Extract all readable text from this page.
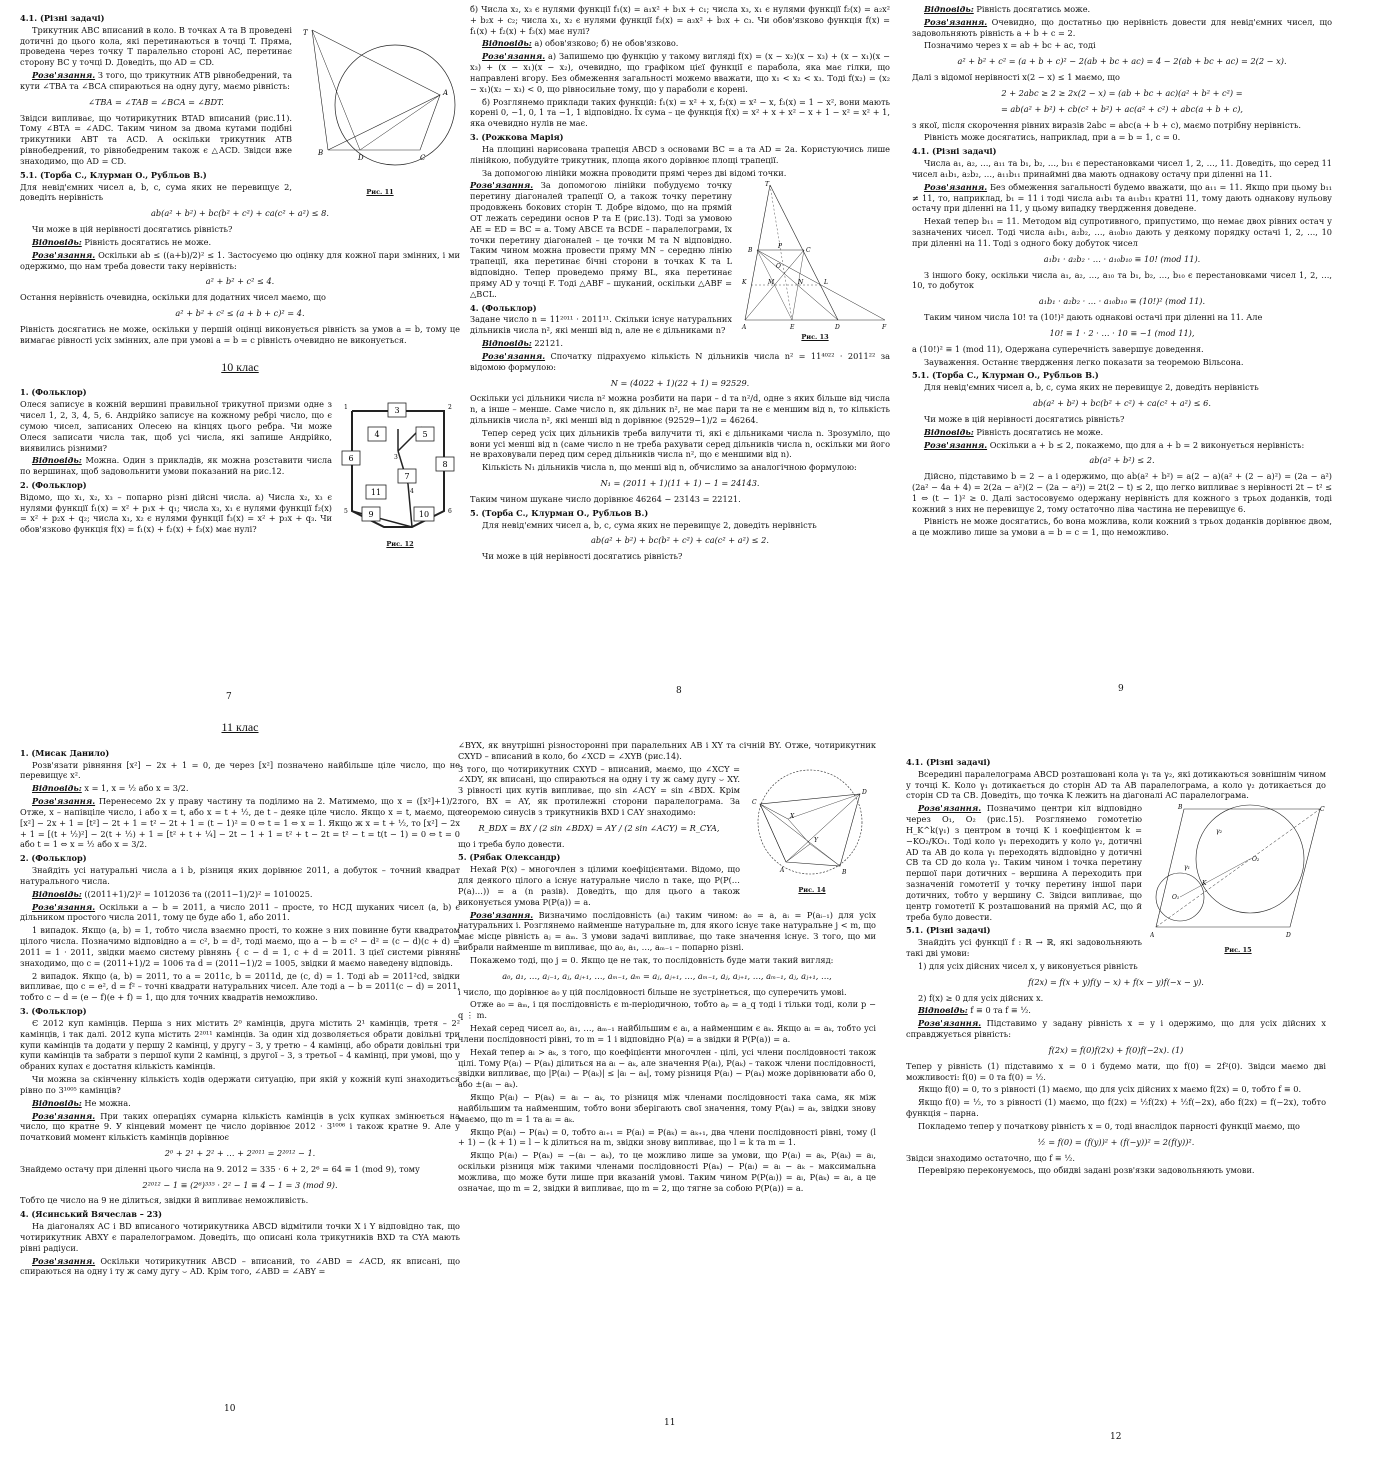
4.1. (Різні задачі)
T
A
B
D	C
Рис. 11

Трикутник ABC вписаний в коло. В точках A та B проведені дотичні до цього кола, які перетинаються в точці T. Пряма, проведена через точку T паралельно стороні AC, перетинає сторону BC у точці D. Доведіть, що AD = CD.

Розв'язання. З того, що трикутник ATB рівнобедрений, та кути ∠TBA та ∠BCA спираються на одну дугу, маємо рівність:

∠TBA = ∠TAB = ∠BCA = ∠BDT.

Звідси випливає, що чотирикутник BTAD вписаний (рис.11). Тому ∠BTA = ∠ADC. Таким чином за двома кутами подібні трикутники ABT та ACD. А оскільки трикутник ATB рівнобедрений, то рівнобедреним також є △ACD. Звідси вже знаходимо, що AD = CD.

5.1. (Торба С., Клурман О., Рубльов В.)

Для невід'ємних чисел a, b, c, сума яких не перевищує 2, доведіть нерівність

ab(a² + b²) + bc(b² + c²) + ca(c² + a²) ≤ 8.

Чи може в цій нерівності досягатись рівність?

Відповідь: Рівність досягатись не може.

Розв'язання. Оскільки ab ≤ ((a+b)/2)² ≤ 1. Застосуємо цю оцінку для кожної пари змінних, і ми одержимо, що нам треба довести таку нерівність:

a² + b² + c² ≤ 4.

Остання нерівність очевидна, оскільки для додатних чисел маємо, що

a² + b² + c² ≤ (a + b + c)² = 4.

Рівність досягатись не може, оскільки у першій оцінці виконується рівність за умов a = b, тому це вимагає рівності усіх змінних, але при умові a = b = c рівність очевидно не виконується.

10 клас
1. (Фольклор)
3
4	5
6
7
8
11
9	10
1	2
3
4
5	6
Рис. 12

Олеся записує в кожній вершині правильної трикутної призми одне з чисел 1, 2, 3, 4, 5, 6. Андрійко записує на кожному ребрі число, що є сумою чисел, записаних Олесею на кінцях цього ребра. Чи може Олеся записати числа так, щоб усі числа, які запише Андрійко, виявились різними?

Відповідь: Можна. Один з прикладів, як можна розставити числа по вершинах, щоб задовольнити умови показаний на рис.12.

2. (Фольклор)

Відомо, що x₁, x₂, x₃ – попарно різні дійсні числа. а) Числа x₂, x₃ є нулями функції f₁(x) = x² + p₁x + q₁; числа x₃, x₁ є нулями функції f₂(x) = x² + p₂x + q₂; числа x₁, x₂ є нулями функції f₃(x) = x² + p₃x + q₃. Чи обов'язково функція f(x) = f₁(x) + f₂(x) + f₃(x) має нулі?

7

б) Числа x₂, x₃ є нулями функції f₁(x) = a₁x² + b₁x + c₁; числа x₃, x₁ є нулями функції f₂(x) = a₂x² + b₂x + c₂; числа x₁, x₂ є нулями функції f₃(x) = a₃x² + b₃x + c₃. Чи обов'язково функція f(x) = f₁(x) + f₂(x) + f₃(x) має нулі?

Відповідь: а) обов'язково; б) не обов'язково.

Розв'язання. а) Запишемо цю функцію у такому вигляді f(x) = (x − x₂)(x − x₃) + (x − x₁)(x − x₃) + (x − x₁)(x − x₂), очевидно, що графіком цієї функції є парабола, яка має гілки, що направлені вгору. Без обмеження загальності можемо вважати, що x₁ < x₂ < x₃. Тоді f(x₂) = (x₂ − x₁)(x₂ − x₃) < 0, що рівносильне тому, що у параболи є корені.

б) Розглянемо приклади таких функцій: f₁(x) = x² + x, f₂(x) = x² − x, f₃(x) = 1 − x², вони мають корені 0, −1, 0, 1 та −1, 1 відповідно. Їх сума – це функція f(x) = x² + x + x² − x + 1 − x² = x² + 1, яка очевидно нулів не має.

3. (Рожкова Марія)

На площині нарисована трапеція ABCD з основами BC = a та AD = 2a. Користуючись лише лінійкою, побудуйте трикутник, площа якого дорівнює площі трапеції.

За допомогою лінійки можна проводити прямі через дві відомі точки.

T
B
P
C
O
K	M	N	L
A	E	D	F
Рис. 13

Розв'язання. За допомогою лінійки побудуємо точку перетину діагоналей трапеції O, а також точку перетину продовжень бокових сторін T. Добре відомо, що на прямій OT лежать середини основ P та E (рис.13). Тоді за умовою AE = ED = BC = a. Тому ABCE та BCDE – паралелограми, їх точки перетину діагоналей – це точки M та N відповідно. Таким чином можна провести пряму MN – середню лінію трапеції, яка перетинає бічні сторони в точках K та L відповідно. Тепер проведемо пряму BL, яка перетинає пряму AD у точці F. Тоді △ABF – шуканий, оскільки △ABF = △BCL.

4. (Фольклор)

Задане число n = 11²⁰¹¹ · 2011¹¹. Скільки існує натуральних дільників числа n², які менші від n, але не є дільниками n?

Відповідь: 22121.

Розв'язання. Спочатку підрахуємо кількість N дільників числа n² = 11⁴⁰²² · 2011²² за відомою формулою:

N = (4022 + 1)(22 + 1) = 92529.

Оскільки усі дільники числа n² можна розбити на пари – d та n²/d, одне з яких більше від числа n, а інше – менше. Саме число n, як дільник n², не має пари та не є меншим від n, то кількість дільників числа n², які менші від n дорівнює (92529−1)/2 = 46264.

Тепер серед усіх цих дільників треба вилучити ті, які є дільниками числа n. Зрозуміло, що вони усі менші від n (саме число n не треба рахувати серед дільників числа n, оскільки ми його не враховували перед цим серед дільників числа n², що є меншими від n).

Кількість N₁ дільників числа n, що менші від n, обчислимо за аналогічною формулою:

N₁ = (2011 + 1)(11 + 1) − 1 = 24143.

Таким чином шукане число дорівнює 46264 − 23143 = 22121.

5. (Торба С., Клурман О., Рубльов В.)

Для невід'ємних чисел a, b, c, сума яких не перевищує 2, доведіть нерівність

ab(a² + b²) + bc(b² + c²) + ca(c² + a²) ≤ 2.

Чи може в цій нерівності досягатись рівність?

8

Відповідь: Рівність досягатись може.

Розв'язання. Очевидно, що достатньо цю нерівність довести для невід'ємних чисел, що задовольняють рівність a + b + c = 2.

Позначимо через x = ab + bc + ac, тоді

a² + b² + c² = (a + b + c)² − 2(ab + bc + ac) = 4 − 2(ab + bc + ac) = 2(2 − x).

Далі з відомої нерівності x(2 − x) ≤ 1 маємо, що

2 + 2abc ≥ 2 ≥ 2x(2 − x) = (ab + bc + ac)(a² + b² + c²) =
= ab(a² + b²) + cb(c² + b²) + ac(a² + c²) + abc(a + b + c),

з якої, після скорочення рівних виразів 2abc = abc(a + b + c), маємо потрібну нерівність.

Рівність може досягатись, наприклад, при a = b = 1, c = 0.

4.1. (Різні задачі)

Числа a₁, a₂, …, a₁₁ та b₁, b₂, …, b₁₁ є перестановками чисел 1, 2, …, 11. Доведіть, що серед 11 чисел a₁b₁, a₂b₂, …, a₁₁b₁₁ принаймні два мають однакову остачу при діленні на 11.

Розв'язання. Без обмеження загальності будемо вважати, що a₁₁ = 11. Якщо при цьому b₁₁ ≠ 11, то, наприклад, b₁ = 11 і тоді числа a₁b₁ та a₁₁b₁₁ кратні 11, тому дають однакову нульову остачу при діленні на 11, у цьому випадку твердження доведене.

Нехай тепер b₁₁ = 11. Методом від супротивного, припустимо, що немає двох рівних остач у зазначених чисел. Тоді числа a₁b₁, a₂b₂, …, a₁₀b₁₀ дають у деякому порядку остачі 1, 2, …, 10 при діленні на 11. Тоді з одного боку добуток чисел

a₁b₁ · a₂b₂ · … · a₁₀b₁₀ ≡ 10! (mod 11).

З іншого боку, оскільки числа a₁, a₂, …, a₁₀ та b₁, b₂, …, b₁₀ є перестановками чисел 1, 2, …, 10, то добуток

a₁b₁ · a₂b₂ · … · a₁₀b₁₀ ≡ (10!)² (mod 11).

Таким чином числа 10! та (10!)² дають однакові остачі при діленні на 11. Але

10! ≡ 1 · 2 · … · 10 ≡ −1 (mod 11),

а (10!)² ≡ 1 (mod 11), Одержана суперечність завершує доведення.

Зауваження. Останнє твердження легко показати за теоремою Вільсона.

5.1. (Торба С., Клурман О., Рубльов В.)

Для невід'ємних чисел a, b, c, сума яких не перевищує 2, доведіть нерівність

ab(a² + b²) + bc(b² + c²) + ca(c² + a²) ≤ 6.

Чи може в цій нерівності досягатись рівність?

Відповідь: Рівність досягатись не може.

Розв'язання. Оскільки a + b ≤ 2, покажемо, що для a + b = 2 виконується нерівність:

ab(a² + b²) ≤ 2.

Дійсно, підставимо b = 2 − a і одержимо, що ab(a² + b²) = a(2 − a)(a² + (2 − a)²) = (2a − a²)(2a² − 4a + 4) = 2(2a − a²)(2 − (2a − a²)) = 2t(2 − t) ≤ 2, що легко випливає з нерівності 2t − t² ≤ 1 ⇔ (t − 1)² ≥ 0. Далі застосовуємо одержану нерівність для кожного з трьох доданків, тоді кожний з них не перевищує 2, тому остаточно ліва частина не перевищує 6.

Рівність не може досягатись, бо вона можлива, коли кожний з трьох доданків дорівнює двом, а це можливо лише за умови a = b = c = 1, що неможливо.

9
11 клас
1. (Мисак Данило)

Розв'язати рівняння [x²] − 2x + 1 = 0, де через [x²] позначено найбільше ціле число, що не перевищує x².

Відповідь: x = 1, x = ½ або x = 3/2.

Розв'язання. Перенесемо 2x у праву частину та поділимо на 2. Матимемо, що x = ([x²]+1)/2. Отже, x – напівціле число, і або x = t, або x = t + ½, де t – деяке ціле число. Якщо x = t, маємо, що [x²] − 2x + 1 = [t²] − 2t + 1 = t² − 2t + 1 = (t − 1)² = 0 ⇔ t = 1 ⇔ x = 1. Якщо ж x = t + ½, то [x²] − 2x + 1 = [(t + ½)²] − 2(t + ½) + 1 = [t² + t + ¼] − 2t − 1 + 1 = t² + t − 2t = t² − t = t(t − 1) = 0 ⇔ t = 0 або t = 1 ⇔ x = ½ або x = 3/2.

2. (Фольклор)

Знайдіть усі натуральні числа a і b, різниця яких дорівнює 2011, а добуток – точний квадрат натурального числа.

Відповідь: ((2011+1)/2)² = 1012036 та ((2011−1)/2)² = 1010025.

Розв'язання. Оскільки a − b = 2011, а число 2011 – просте, то НСД шуканих чисел (a, b) є дільником простого числа 2011, тому це буде або 1, або 2011.

1 випадок. Якщо (a, b) = 1, тобто числа взаємно прості, то кожне з них повинне бути квадратом цілого числа. Позначимо відповідно a = c², b = d², тоді маємо, що a − b = c² − d² = (c − d)(c + d) = 2011 = 1 · 2011, звідки маємо систему рівнянь { c − d = 1, c + d = 2011. З цієї системи рівнянь знаходимо, що c = (2011+1)/2 = 1006 та d = (2011−1)/2 = 1005, звідки й маємо наведену відповідь.

2 випадок. Якщо (a, b) = 2011, то a = 2011c, b = 2011d, де (c, d) = 1. Тоді ab = 2011²cd, звідки випливає, що c = e², d = f² – точні квадрати натуральних чисел. Але тоді a − b = 2011(c − d) = 2011, тобто c − d = (e − f)(e + f) = 1, що для точних квадратів неможливо.

3. (Фольклор)

Є 2012 куп камінців. Перша з них містить 2⁰ камінців, друга містить 2¹ камінців, третя – 2² камінців, і так далі. 2012 купа містить 2²⁰¹¹ камінців. За один хід дозволяється обрати довільні три купи камінців та додати у першу 2 камінці, у другу – 3, у третю – 4 камінці, або обрати довільні три купи камінців та забрати з першої купи 2 камінці, з другої – 3, з третьої – 4 камінці, при умові, що у обраних купах є достатня кількість камінців.

Чи можна за скінченну кількість ходів одержати ситуацію, при якій у кожній купі знаходиться рівно по 3¹⁰⁰⁵ камінців?

Відповідь: Не можна.

Розв'язання. При таких операціях сумарна кількість камінців в усіх купках змінюється на число, що кратне 9. У кінцевий момент це число дорівнює 2012 · 3¹⁰⁰⁶ і також кратне 9. Але у початковий момент кількість камінців дорівнює

2⁰ + 2¹ + 2² + … + 2²⁰¹¹ = 2²⁰¹² − 1.

Знайдемо остачу при діленні цього числа на 9. 2012 = 335 · 6 + 2, 2⁶ = 64 ≡ 1 (mod 9), тому

2²⁰¹² − 1 ≡ (2⁶)³³⁵ · 2² − 1 ≡ 4 − 1 = 3 (mod 9).

Тобто це число на 9 не ділиться, звідки й випливає неможливість.

4. (Ясинський Вячеслав – 23)

На діагоналях AC і BD вписаного чотирикутника ABCD відмітили точки X і Y відповідно так, що чотирикутник ABXY є паралелограмом. Доведіть, що описані кола трикутників BXD та CYA мають рівні радіуси.

Розв'язання. Оскільки чотирикутник ABCD – вписаний, то ∠ABD = ∠ACD, як вписані, що спираються на одну і ту ж саму дугу ⌣ AD. Крім того, ∠ABD = ∠ABY =

10

∠BYX, як внутрішні різносторонні при паралельних AB і XY та січній BY. Отже, чотирикутник CXYD – вписаний в коло, бо ∠XCD = ∠XYB (рис.14).

C
D
B
A
X
Y
Рис. 14

З того, що чотирикутник CXYD – вписаний, маємо, що ∠XCY = ∠XDY, як вписані, що спираються на одну і ту ж саму дугу ⌣ XY. З рівності цих кутів випливає, що sin ∠ACY = sin ∠BDX. Крім того, BX = AY, як протилежні сторони паралелограма. За теоремою синусів з трикутників BXD і CAY знаходимо:

R_BDX = BX / (2 sin ∠BDX) = AY / (2 sin ∠ACY) = R_CYA,

що і треба було довести.

5. (Рябак Олександр)

Нехай P(x) – многочлен з цілими коефіцієнтами. Відомо, що для деякого цілого a існує натуральне число n таке, що P(P(…P(a)…)) = a (n разів). Доведіть, що для цього a також виконується умова P(P(a)) = a.

Розв'язання. Визначимо послідовність (aᵢ) таким чином: a₀ = a, aᵢ = P(aᵢ₋₁) для усіх натуральних i. Розглянемо найменше натуральне m, для якого існує таке натуральне j < m, що має місце рівність aⱼ = aₘ. З умови задачі випливає, що таке значення існує. З того, що ми вибрали найменше m випливає, що a₀, a₁, …, aₘ₋₁ – попарно різні.

Покажемо тоді, що j = 0. Якщо це не так, то послідовність буде мати такий вигляд:

a₀, a₁, …, aⱼ₋₁, aⱼ, aⱼ₊₁, …, aₘ₋₁, aₘ = aⱼ, aⱼ₊₁, …, aₘ₋₁, aⱼ, aⱼ₊₁, …, aₘ₋₁, aⱼ, aⱼ₊₁, …,

і число, що дорівнює a₀ у цій послідовності більше не зустрінеться, що суперечить умові.

Отже a₀ = aₘ, і ця послідовність є m-періодичною, тобто aₚ = a_q тоді і тільки тоді, коли p − q ⋮ m.

Нехай серед чисел a₀, a₁, …, aₘ₋₁ найбільшим є aₗ, а найменшим є aₖ. Якщо aₗ = aₖ, тобто усі члени послідовності рівні, то m = 1 і відповідно P(a) = a звідки й P(P(a)) = a.

Нехай тепер aₗ > aₖ, з того, що коефіцієнти многочлен - цілі, усі члени послідовності також цілі. Тому P(aₗ) − P(aₖ) ділиться на aₗ − aₖ, але значення P(aₗ), P(aₖ) – також члени послідовності, звідки випливає, що |P(aₗ) − P(aₖ)| ≤ |aₗ − aₖ|, тому різниця P(aₗ) − P(aₖ) може дорівнювати або 0, або ±(aₗ − aₖ).

Якщо P(aₗ) − P(aₖ) = aₗ − aₖ, то різниця між членами послідовності така сама, як між найбільшим та найменшим, тобто вони зберігають свої значення, тому P(aₖ) = aₖ, звідки знову маємо, що m = 1 та aₗ = aₖ.

Якщо P(aₗ) − P(aₖ) = 0, тобто aₗ₊₁ = P(aₗ) = P(aₖ) = aₖ₊₁, два члени послідовності рівні, тому (l + 1) − (k + 1) = l − k ділиться на m, звідки знову випливає, що l = k та m = 1.

Якщо P(aₗ) − P(aₖ) = −(aₗ − aₖ), то це можливо лише за умови, що P(aₗ) = aₖ, P(aₖ) = aₗ, оскільки різниця між такими членами послідовності P(aₖ) − P(aₗ) = aₗ − aₖ – максимальна можлива, що може бути лише при вказаній умові. Таким чином P(P(aₗ)) = aₗ, P(aₖ) = aₗ, а це означає, що m = 2, звідки й випливає, що m = 2, що тягне за собою P(P(a)) = a.

11
4.1. (Різні задачі)

Всередині паралелограма ABCD розташовані кола γ₁ та γ₂, які дотикаються зовнішнім чином у точці K. Коло γ₁ дотикається до сторін AD та AB паралелограма, а коло γ₂ дотикається до сторін CD та CB. Доведіть, що точка K лежить на діагоналі AC паралелограма.

A	D
C
B
O₁
O₂
K
γ₁
γ₂
Рис. 15

Розв'язання. Позначимо центри кіл відповідно через O₁, O₂ (рис.15). Розглянемо гомотетію H_K^k(γ₁) з центром в точці K і коефіцієнтом k = −KO₂/KO₁. Тоді коло γ₁ переходить у коло γ₂, дотичні AD та AB до кола γ₁ переходять відповідно у дотичні CB та CD до кола γ₂. Таким чином і точка перетину першої пари дотичних – вершина A переходить при зазначеній гомотетії у точку перетину іншої пари дотичних, тобто у вершину C. Звідси випливає, що центр гомотетії K розташований на прямій AC, що й треба було довести.

5.1. (Різні задачі)

Знайдіть усі функції f : ℝ → ℝ, які задовольняють такі дві умови:

1) для усіх дійсних чисел x, y виконується рівність

f(2x) = f(x + y)f(y − x) + f(x − y)f(−x − y).

2) f(x) ≥ 0 для усіх дійсних x.

Відповідь: f ≡ 0 та f ≡ ½.

Розв'язання. Підставимо у задану рівність x = y і одержимо, що для усіх дійсних x справджується рівність:

f(2x) = f(0)f(2x) + f(0)f(−2x). (1)

Тепер у рівність (1) підставимо x = 0 і будемо мати, що f(0) = 2f²(0). Звідси маємо дві можливості: f(0) = 0 та f(0) = ½.

Якщо f(0) = 0, то з рівності (1) маємо, що для усіх дійсних x маємо f(2x) = 0, тобто f ≡ 0.

Якщо f(0) = ½, то з рівності (1) маємо, що f(2x) = ½f(2x) + ½f(−2x), або f(2x) = f(−2x), тобто функція – парна.

Покладемо тепер у початкову рівність x = 0, тоді внаслідок парності функції маємо, що

½ = f(0) = (f(y))² + (f(−y))² = 2(f(y))².

Звідси знаходимо остаточно, що f ≡ ½.

Перевіряю переконуємось, що обидві задані розв'язки задовольняють умови.

12
